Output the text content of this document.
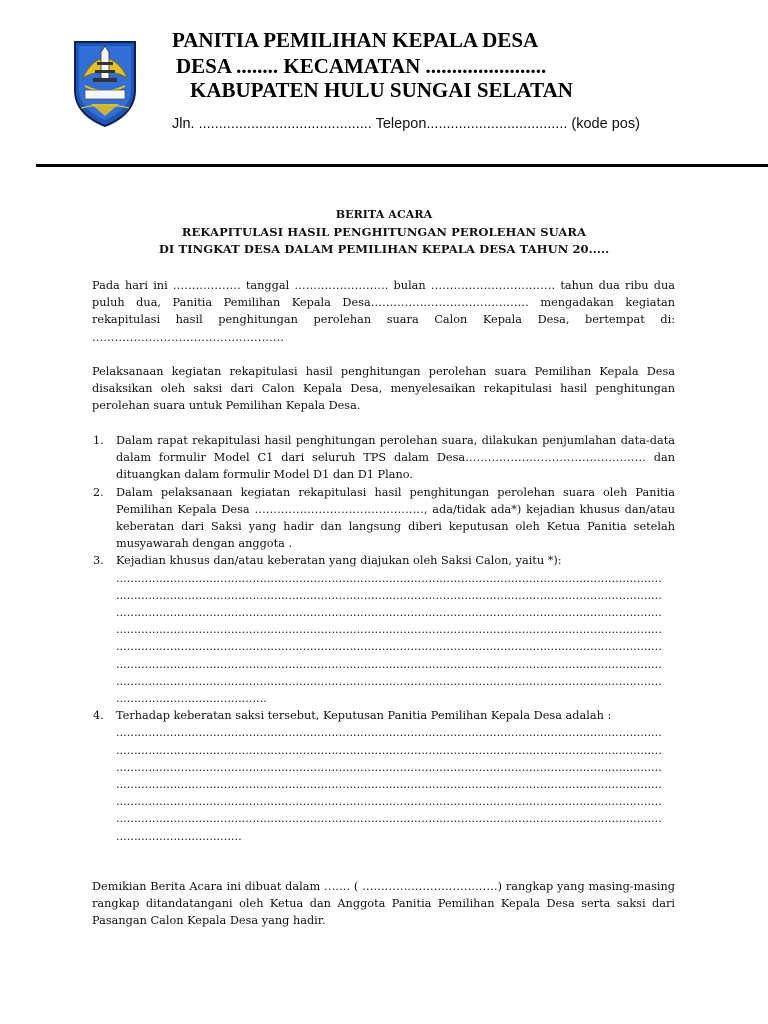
PANITIA PEMILIHAN KEPALA DESA
DESA ........ KECAMATAN .......................
KABUPATEN HULU SUNGAI SELATAN
Jln. ........................................... Telepon................................... (kode pos)
BERITA ACARA
REKAPITULASI HASIL PENGHITUNGAN PEROLEHAN SUARA
DI TINGKAT DESA DALAM PEMILIHAN KEPALA DESA TAHUN 20.....

Pada hari ini ……………… tanggal ……………………. bulan …………………………… tahun dua ribu dua puluh dua, Panitia Pemilihan Kepala Desa…………………………………… mengadakan kegiatan rekapitulasi hasil penghitungan perolehan suara Calon Kepala Desa, bertempat di: ……………………………………………

Pelaksanaan kegiatan rekapitulasi hasil penghitungan perolehan suara Pemilihan Kepala Desa disaksikan oleh saksi dari Calon Kepala Desa, menyelesaikan rekapitulasi hasil penghitungan perolehan suara untuk Pemilihan Kepala Desa.

1. Dalam rapat rekapitulasi hasil penghitungan perolehan suara, dilakukan penjumlahan data-data dalam formulir Model C1 dari seluruh TPS dalam Desa………………………………………… dan dituangkan dalam formulir Model D1 dan D1 Plano.
2. Dalam pelaksanaan kegiatan rekapitulasi hasil penghitungan perolehan suara oleh Panitia Pemilihan Kepala Desa ………………………………………, ada/tidak ada*) kejadian khusus dan/atau keberatan dari Saksi yang hadir dan langsung diberi keputusan oleh Ketua Panitia setelah musyawarah dengan anggota .
3. Kejadian khusus dan/atau keberatan yang diajukan oleh Saksi Calon, yaitu *):
........................................................................................................................................................
........................................................................................................................................................
........................................................................................................................................................
........................................................................................................................................................
........................................................................................................................................................
........................................................................................................................................................
........................................................................................................................................................
..........................................
4. Terhadap keberatan saksi tersebut, Keputusan Panitia Pemilihan Kepala Desa adalah :
........................................................................................................................................................
........................................................................................................................................................
........................................................................................................................................................
........................................................................................................................................................
........................................................................................................................................................
........................................................................................................................................................
...................................

Demikian Berita Acara ini dibuat dalam ……. ( ………………………………) rangkap yang masing-masing rangkap ditandatangani oleh Ketua dan Anggota Panitia Pemilihan Kepala Desa serta saksi dari Pasangan Calon Kepala Desa yang hadir.
